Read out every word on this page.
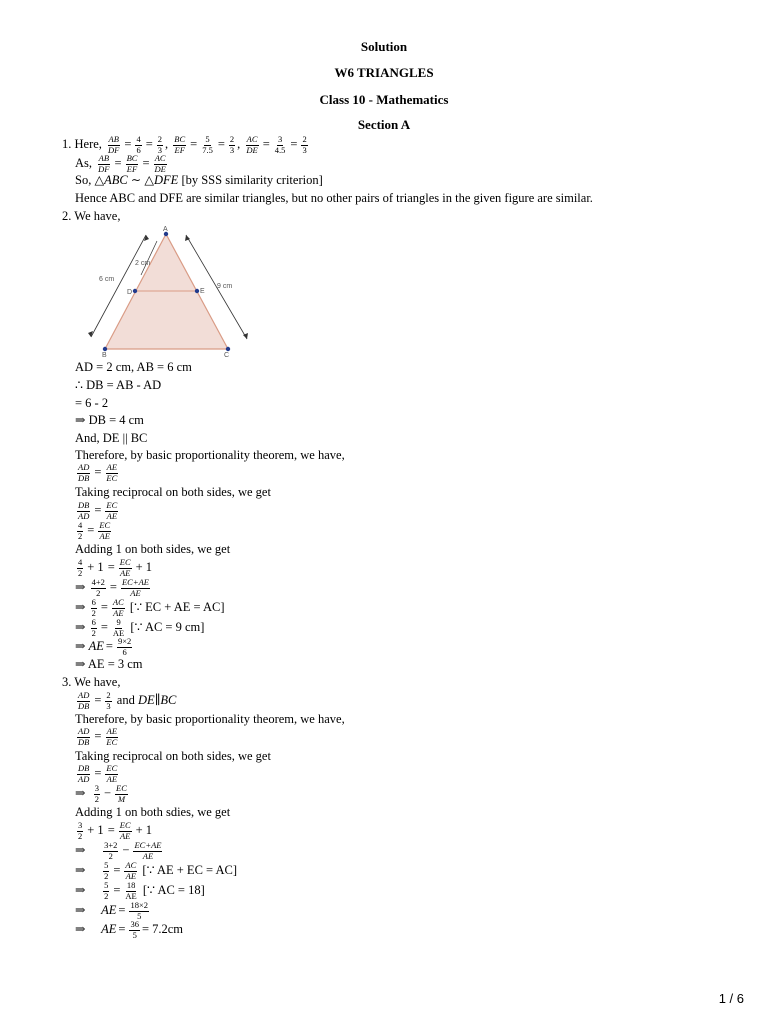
Solution
W6 TRIANGLES
Class 10 - Mathematics
Section A
1. Here, $\frac{AB}{DF} = \frac{4}{6} = \frac{2}{3}$ , $\frac{BC}{EF} = \frac{5}{7.5} = \frac{2}{3}$ , $\frac{AC}{DE} = \frac{3}{4.5} = \frac{2}{3}$
As, $\frac{AB}{DF} = \frac{BC}{EF} = \frac{AC}{DE}$
So, △ABC ∼ △DFE [by SSS similarity criterion]
Hence ABC and DFE are similar triangles, but no other pairs of triangles in the given figure are similar.
2. We have,
A
D	E
B	C
6 cm
2 cm
9 cm
AD = 2 cm, AB = 6 cm
∴ DB = AB - AD
= 6 - 2
⇒ DB = 4 cm
And, DE || BC
Therefore, by basic proportionality theorem, we have,
$\frac{AD}{DB} = \frac{AE}{EC}$
Taking reciprocal on both sides, we get
$\frac{DB}{AD} = \frac{EC}{AE}$
$\frac{4}{2} = \frac{EC}{AE}$
Adding 1 on both sides, we get
$\frac{4}{2} + 1 = \frac{EC}{AE} + 1$
⇒ $\frac{4+2}{2} = \frac{EC+AE}{AE}$
⇒ $\frac{6}{2} = \frac{AC}{AE}$ [∵ EC + AE = AC]
⇒ $\frac{6}{2} = \frac{9}{AE}$ [∵ AC = 9 cm]
⇒ AE = $\frac{9\times 2}{6}$
⇒ AE = 3 cm
3. We have,
$\frac{AD}{DB} = \frac{2}{3}$ and DE∥BC
Therefore, by basic proportionality theorem, we have,
$\frac{AD}{DB} = \frac{AE}{EC}$
Taking reciprocal on both sides, we get
$\frac{DB}{AD} = \frac{EC}{AE}$
⇒ $\frac{3}{2} - \frac{EC}{M}$
Adding 1 on both sdies, we get
$\frac{3}{2} + 1 = \frac{EC}{AE} + 1$
⇒ $\frac{3+2}{2} - \frac{EC+AE}{AE}$
⇒ $\frac{5}{2} = \frac{AC}{AE}$ [∵ AE + EC = AC]
⇒ $\frac{5}{2} = \frac{18}{AE}$ [∵ AC = 18]
⇒     AE = $\frac{18\times 2}{5}$
⇒     AE = $\frac{36}{5} = 7.2cm$
1 / 6
